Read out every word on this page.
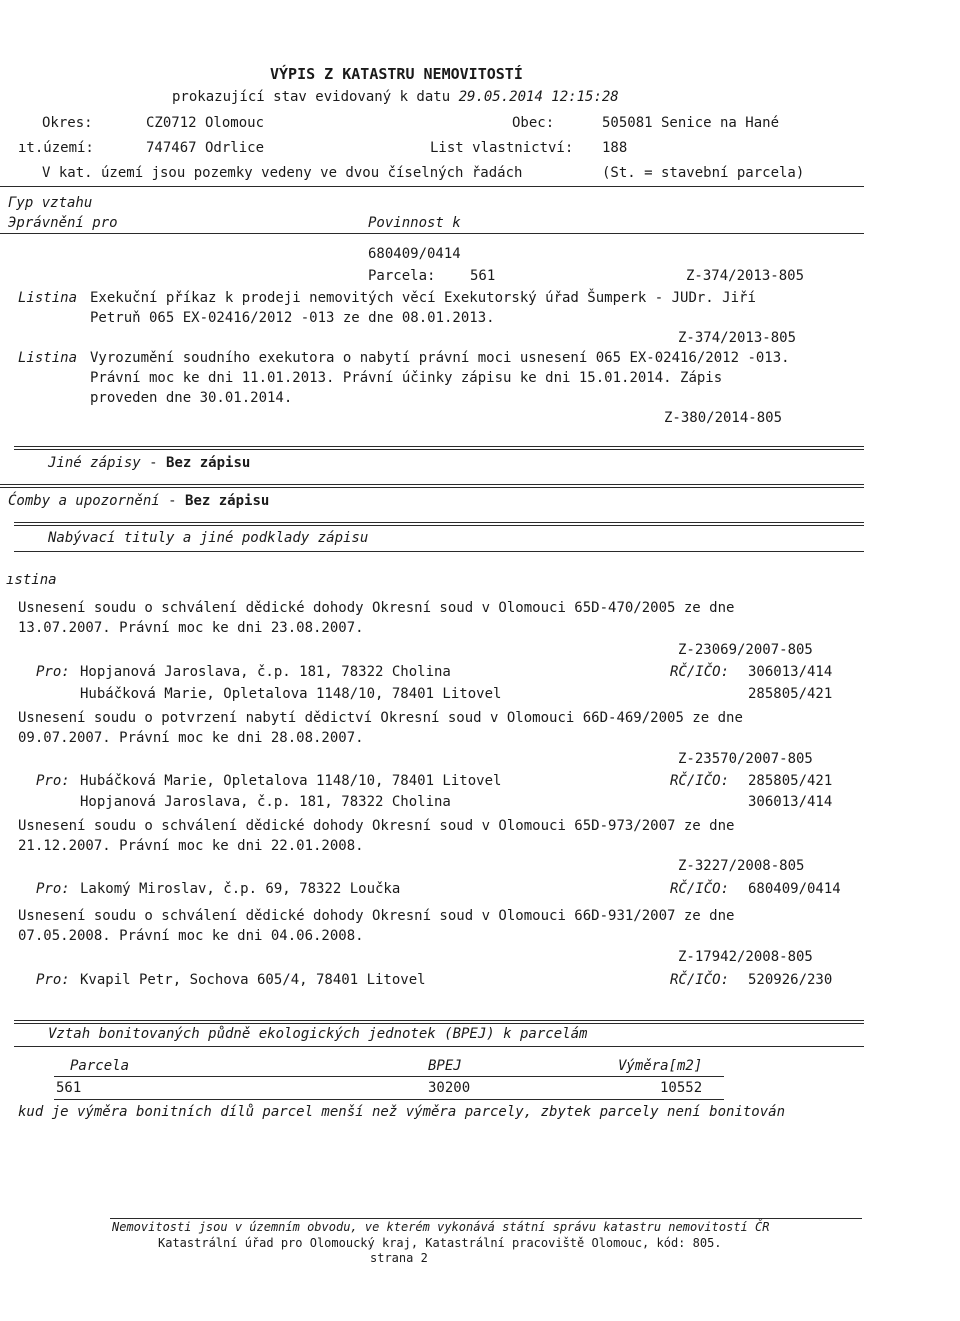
VÝPIS Z KATASTRU NEMOVITOSTÍ
prokazující stav evidovaný k datu 29.05.2014 12:15:28
Okres:	CZ0712 Olomouc	Obec:	505081 Senice na Hané
ıt.území:	747467 Odrlice	List vlastnictví: 188
V kat. území jsou pozemky vedeny ve dvou číselných řadách	(St. = stavební parcela)
Гур vztahu
Эprávnění pro	Povinnost k
680409/0414
Parcela: 561	Z-374/2013-805
Listina Exekuční příkaz k prodeji nemovitých věcí Exekutorský úřad Šumperk - JUDr. Jiří
Petruň 065 EX-02416/2012 -013 ze dne 08.01.2013.
Z-374/2013-805
Listina Vyrozumění soudního exekutora o nabytí právní moci usnesení 065 EX-02416/2012 -013.
Právní moc ke dni 11.01.2013. Právní účinky zápisu ke dni 15.01.2014. Zápis
proveden dne 30.01.2014.
Z-380/2014-805
Jiné zápisy - Bez zápisu
Ćomby a upozornění - Bez zápisu
Nabývací tituly a jiné podklady zápisu
ıstina
Usnesení soudu o schválení dědické dohody Okresní soud v Olomouci 65D-470/2005 ze dne
13.07.2007. Právní moc ke dni 23.08.2007.
Z-23069/2007-805
Pro: Hopjanová Jaroslava, č.p. 181, 78322 Cholina	RČ/IČO: 306013/414
Hubáčková Marie, Opletalova 1148/10, 78401 Litovel	285805/421
Usnesení soudu o potvrzení nabytí dědictví Okresní soud v Olomouci 66D-469/2005 ze dne
09.07.2007. Právní moc ke dni 28.08.2007.
Z-23570/2007-805
Pro: Hubáčková Marie, Opletalova 1148/10, 78401 Litovel	RČ/IČO: 285805/421
Hopjanová Jaroslava, č.p. 181, 78322 Cholina	306013/414
Usnesení soudu o schválení dědické dohody Okresní soud v Olomouci 65D-973/2007 ze dne
21.12.2007. Právní moc ke dni 22.01.2008.
Z-3227/2008-805
Pro: Lakomý Miroslav, č.p. 69, 78322 Loučka	RČ/IČO: 680409/0414
Usnesení soudu o schválení dědické dohody Okresní soud v Olomouci 66D-931/2007 ze dne
07.05.2008. Právní moc ke dni 04.06.2008.
Z-17942/2008-805
Pro: Kvapil Petr, Sochova 605/4, 78401 Litovel	RČ/IČO: 520926/230
Vztah bonitovaných půdně ekologických jednotek (BPEJ) k parcelám
Parcela	BPEJ	Výměra[m2]
561	30200	10552
kud je výměra bonitních dílů parcel menší než výměra parcely, zbytek parcely není bonitován
Nemovitosti jsou v územním obvodu, ve kterém vykonává státní správu katastru nemovitostí ČR
Katastrální úřad pro Olomoucký kraj, Katastrální pracoviště Olomouc, kód: 805.
strana 2
